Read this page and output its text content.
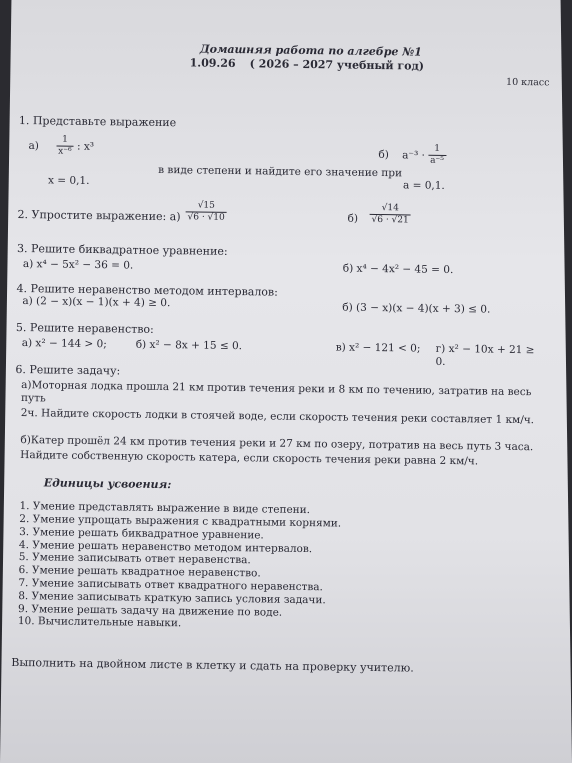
Домашняя работа по алгебре №1
1.09.26 ( 2026 – 2027 учебный год)
10 класс
1. Представьте выражение
$а) \frac{1}{\text{x⁻⁶}}$ : x³
б) $a^{-3} \cdot \frac{1}{\text{a⁻⁵}}$
в виде степени и найдите его значение при
x = 0,1.	a = 0,1.
2. Упростите выражение: $а) \frac{√15}{√6 \cdot √10}$	$б) \frac{√14}{√6 \cdot √21}$
3. Решите биквадратное уравнение:
а) x⁴ − 5x² − 36 = 0.	б) x⁴ − 4x² − 45 = 0.
4. Решите неравенство методом интервалов:
а) (2 − x)(x − 1)(x + 4) ≥ 0.	б) (3 − x)(x − 4)(x + 3) ≤ 0.
5. Решите неравенство:
а) x² − 144 > 0;	б) x² − 8x + 15 ≤ 0.	в) x² − 121 < 0; г) x² − 10x + 21 ≥ 0.
6. Решите задачу:
а)Моторная лодка прошла 21 км против течения реки и 8 км по течению, затратив на весь путь
2ч. Найдите скорость лодки в стоячей воде, если скорость течения реки составляет 1 км/ч.
б)Катер прошёл 24 км против течения реки и 27 км по озеру, потратив на весь путь 3 часа.
Найдите собственную скорость катера, если скорость течения реки равна 2 км/ч.
Единицы усвоения:
1. Умение представлять выражение в виде степени.
2. Умение упрощать выражения с квадратными корнями.
3. Умение решать биквадратное уравнение.
4. Умение решать неравенство методом интервалов.
5. Умение записывать ответ неравенства.
6. Умение решать квадратное неравенство.
7. Умение записывать ответ квадратного неравенства.
8. Умение записывать краткую запись условия задачи.
9. Умение решать задачу на движение по воде.
10. Вычислительные навыки.
Выполнить на двойном листе в клетку и сдать на проверку учителю.
